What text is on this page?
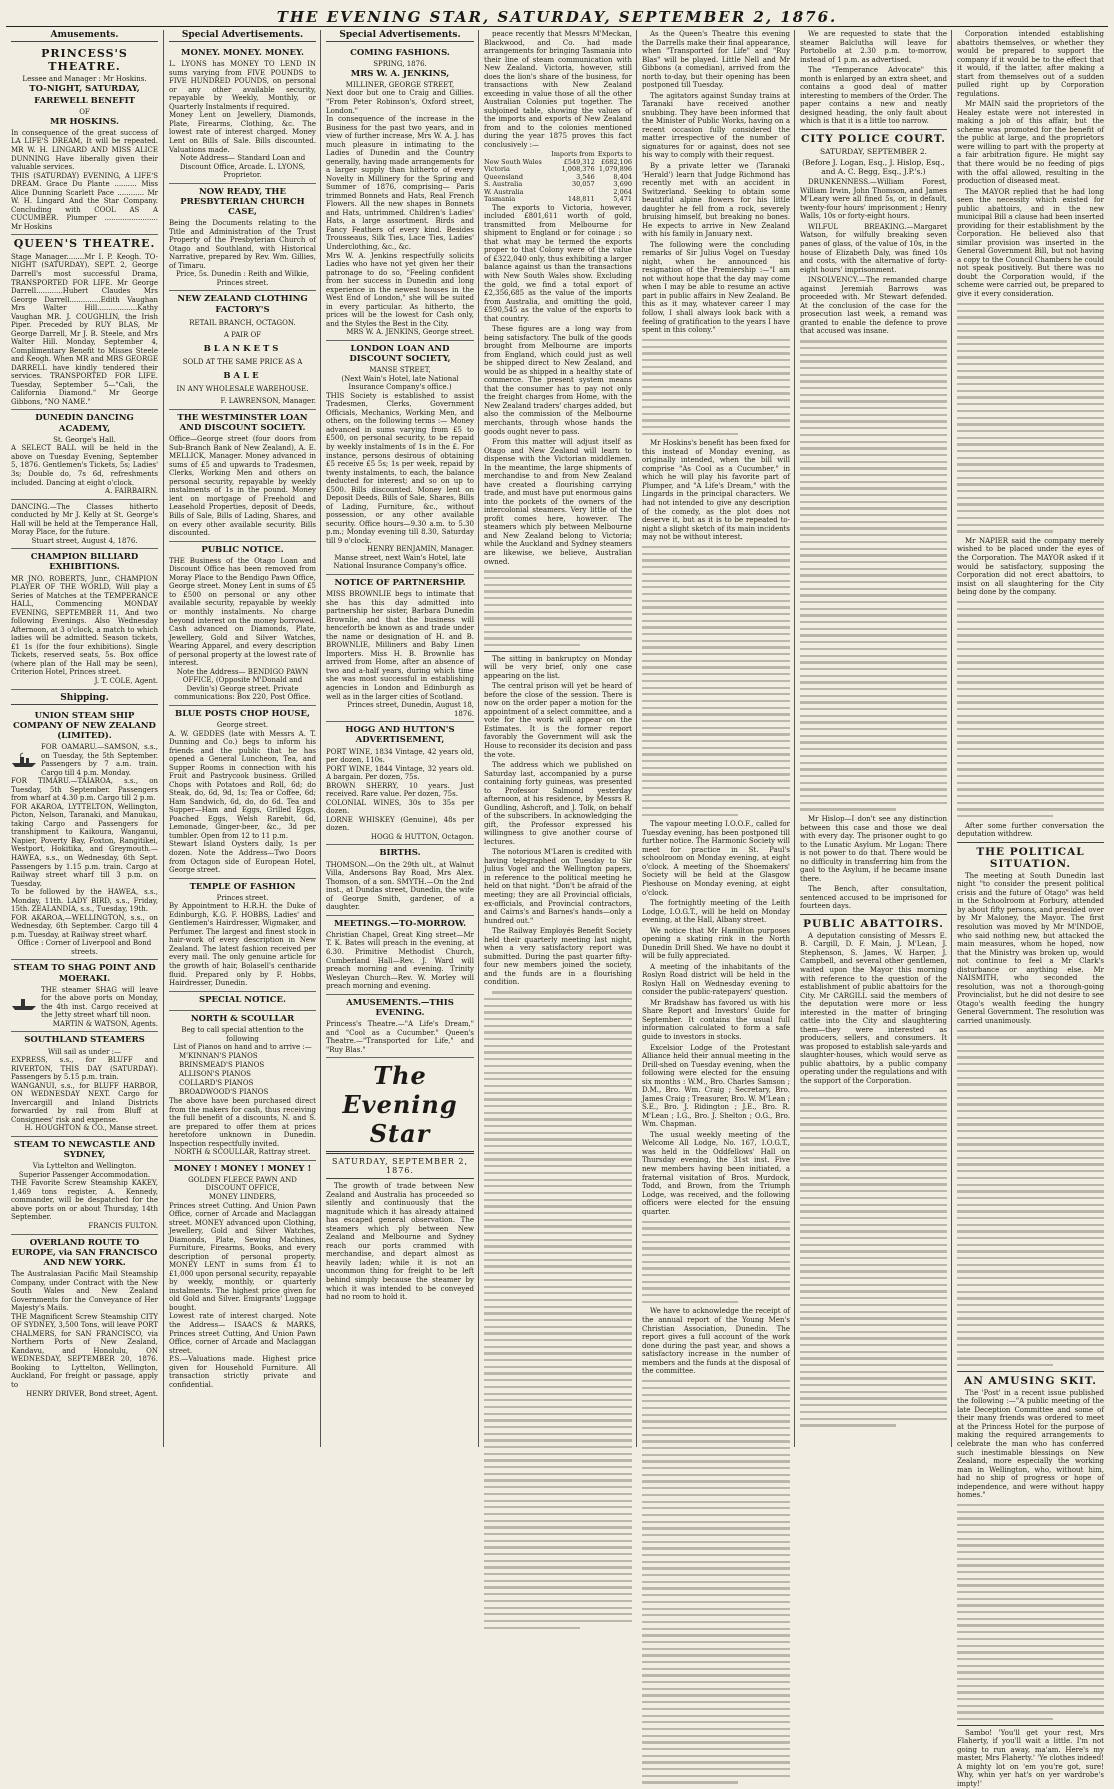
THE EVENING STAR, SATURDAY, SEPTEMBER 2, 1876.
Amusements.
PRINCESS'S THEATRE.

Lessee and Manager : Mr Hoskins.

TO-NIGHT, SATURDAY,
FAREWELL BENEFIT

OF

MR HOSKINS.

In consequence of the great success of LA LIFE'S DREAM, It will be repeated. MR W. H. LINGARD AND MISS ALICE DUNNING Have liberally given their valuable services.

THIS (SATURDAY) EVENING, A LIFE'S DREAM. Grace Du Plante .......... Miss Alice Dunning Scarlett Pace ............ Mr W. H. Lingard And the Star Company. Concluding with COOL AS A CUCUMBER. Plumper ........................ Mr Hoskins

QUEEN'S THEATRE.

Stage Manager........Mr I. P. Keogh. TO-NIGHT (SATURDAY), SEPT. 2, George Darrell's most successful Drama, TRANSPORTED FOR LIFE. Mr George Darrell............Hubert Claudes Mrs George Darrell..............Edith Vaughan Mrs Walter Hill..................Kathy Vaughan MR. J. COUGHLIN, the Irish Piper. Preceded by RUY BLAS, Mr George Darrell, Mr J. B. Steele, and Mrs Walter Hill. Monday, September 4, Complimentary Benefit to Misses Steele and Keogh. When MR and MRS GEORGE DARRELL have kindly tendered their services. TRANSPORTED FOR LIFE. Tuesday, September 5—"Cali, the California Diamond." Mr George Gibbons, "NO NAME."

DUNEDIN DANCING ACADEMY,

St. George's Hall.

A SELECT BALL will be held in the above on Tuesday Evening, September 5, 1876. Gentlemen's Tickets, 5s; Ladies' 3s; Double do, 7s 6d, refreshments included. Dancing at eight o'clock.

A. FAIRBAIRN.

DANCING.—The Classes hitherto conducted by Mr J. Kelly at St. George's Hall will be held at the Temperance Hall, Moray Place, for the future.

Stuart street, August 4, 1876.

CHAMPION BILLIARD EXHIBITIONS.

MR JNO. ROBERTS, Junr., CHAMPION PLAYER OF THE WORLD, Will play a Series of Matches at the TEMPERANCE HALL, Commencing MONDAY EVENING, SEPTEMBER 11, And two following Evenings. Also Wednesday Afternoon, at 3 o'clock, a match to which ladies will be admitted. Season tickets, £1 1s (for the four exhibitions). Single Tickets, reserved seats, 5s. Box office (where plan of the Hall may be seen), Criterion Hotel, Princes street.

J. T. COLE, Agent.

Shipping.
UNION STEAM SHIP COMPANY OF NEW ZEALAND (LIMITED).

FOR OAMARU.—SAMSON, s.s., on Tuesday, the 5th September. Passengers by 7 a.m. train. Cargo till 4 p.m. Monday.

FOR TIMARU.—TAIAROA, s.s., on Tuesday, 5th September. Passengers from wharf at 4.30 p.m. Cargo till 2 p.m.

FOR AKAROA, LYTTELTON, Wellington, Picton, Nelson, Taranaki, and Manukau, taking Cargo and Passengers for transhipment to Kaikoura, Wanganui, Napier, Poverty Bay, Foxton, Rangitikei, Westport, Hokitika, and Greymouth.—HAWEA, s.s., on Wednesday, 6th Sept. Passengers by 1.15 p.m. train. Cargo at Railway street wharf till 3 p.m. on Tuesday.

To be followed by the HAWEA, s.s., Monday, 11th. LADY BIRD, s.s., Friday, 15th. ZEALANDIA, s.s., Tuesday, 19th.

FOR AKAROA,—WELLINGTON, s.s., on Wednesday, 6th September. Cargo till 4 p.m. Tuesday, at Railway street wharf.

Office : Corner of Liverpool and Bond streets.

STEAM TO SHAG POINT AND MOERAKI.

THE steamer SHAG will leave for the above ports on Monday, the 4th inst. Cargo received at the Jetty street wharf till noon.

MARTIN & WATSON, Agents.

SOUTHLAND STEAMERS

Will sail as under :—

EXPRESS, s.s., for BLUFF and RIVERTON, THIS DAY (SATURDAY). Passengers by 5.15 p.m. train.

WANGANUI, s.s., for BLUFF HARBOR, ON WEDNESDAY NEXT. Cargo for Invercargill and Inland Districts forwarded by rail from Bluff at Consignees' risk and expense.

H. HOUGHTON & CO., Manse street.

STEAM TO NEWCASTLE AND SYDNEY,

Via Lyttelton and Wellington.

Superior Passenger Accommodation.

THE Favorite Screw Steamship KAKEY, 1,469 tons register, A. Kennedy, commander, will be despatched for the above ports on or about Thursday, 14th September.

FRANCIS FULTON.

OVERLAND ROUTE TO EUROPE, via SAN FRANCISCO AND NEW YORK.

The Australasian Pacific Mail Steamship Company, under Contract with the New South Wales and New Zealand Governments for the Conveyance of Her Majesty's Mails.

THE Magnificent Screw Steamship CITY OF SYDNEY, 3,500 Tons, will leave PORT CHALMERS, for SAN FRANCISCO, via Northern Ports of New Zealand, Kandavu, and Honolulu, ON WEDNESDAY, SEPTEMBER 20, 1876. Booking to Lyttelton, Wellington, Auckland, For freight or passage, apply to

HENRY DRIVER, Bond street, Agent.

Special Advertisements.
MONEY. MONEY. MONEY.

L. LYONS has MONEY TO LEND IN sums varying from FIVE POUNDS to FIVE HUNDRED POUNDS, on personal or any other available security, repayable by Weekly, Monthly, or Quarterly Instalments if required.

Money Lent on Jewellery, Diamonds, Plate, Firearms, Clothing, &c. The lowest rate of interest charged. Money Lent on Bills of Sale. Bills discounted. Valuations made.

Note Address— Standard Loan and Discount Office, Arcade. L. LYONS, Proprietor.

NOW READY, THE PRESBYTERIAN CHURCH CASE,

Being the Documents relating to the Title and Administration of the Trust Property of the Presbyterian Church of Otago and Southland, with Historical Narrative, prepared by Rev. Wm. Gillies, of Timaru.

Price, 5s. Dunedin : Reith and Wilkie, Princes street.

NEW ZEALAND CLOTHING FACTORY'S

RETAIL BRANCH, OCTAGON.

A PAIR OF

BLANKETS

SOLD AT THE SAME PRICE AS A

BALE

IN ANY WHOLESALE WAREHOUSE.

F. LAWRENSON, Manager.

THE WESTMINSTER LOAN AND DISCOUNT SOCIETY.

Office—George street (four doors from Sub-Branch Bank of New Zealand), A. E. MELLICK, Manager. Money advanced in sums of £5 and upwards to Tradesmen, Clerks, Working Men and others on personal security, repayable by weekly instalments of 1s in the pound. Money lent on mortgage of Freehold and Leasehold Properties, deposit of Deeds, Bills of Sale, Bills of Lading, Shares, and on every other available security. Bills discounted.

PUBLIC NOTICE.

THE Business of the Otago Loan and Discount Office has been removed from Moray Place to the Bendigo Pawn Office, George street. Money Lent in sums of £5 to £500 on personal or any other available security, repayable by weekly or monthly instalments. No charge beyond interest on the money borrowed. Cash advanced on Diamonds, Plate, Jewellery, Gold and Silver Watches, Wearing Apparel, and every description of personal property at the lowest rate of interest.

Note the Address— BENDIGO PAWN OFFICE, (Opposite M'Donald and Devlin's) George street. Private communications: Box 220, Post Office.

BLUE POSTS CHOP HOUSE,

George street.

A. W. GEDDES (late with Messrs A. T. Dunning and Co.) begs to inform his friends and the public that he has opened a General Luncheon, Tea, and Supper Rooms in connection with his Fruit and Pastrycook business. Grilled Chops with Potatoes and Roll, 6d; do Steak, do, 6d, 9d, 1s; Tea or Coffee, 6d; Ham Sandwich, 6d, do, do 6d. Tea and Supper—Ham and Eggs, Grilled Eggs, Poached Eggs, Welsh Rarebit, 6d, Lemonade, Ginger-beer, &c., 3d per tumbler. Open from 12 to 11 p.m.

Stewart Island Oysters daily, 1s per dozen. Note the Address—Two Doors from Octagon side of European Hotel, George street.

TEMPLE OF FASHION

Princes street.

By Appointment to H.R.H. the Duke of Edinburgh, K.G. F. HOBBS, Ladies' and Gentlemen's Hairdresser, Wigmaker, and Perfumer. The largest and finest stock in hair-work of every description in New Zealand. The latest fashion received per every mail. The only genuine article for the growth of hair, Bolasell's centharide fluid. Prepared only by F. Hobbs, Hairdresser, Dunedin.

SPECIAL NOTICE.
NORTH & SCOULLAR

Beg to call special attention to the following

List of Pianos on hand and to arrive :—

M'KINNAN'S PIANOS
BRINSMEAD'S PIANOS
ALLISON'S PIANOS
COLLARD'S PIANOS
BROADWOOD'S PIANOS

The above have been purchased direct from the makers for cash, thus receiving the full benefit of a discounts, N. and S. are prepared to offer them at prices heretofore unknown in Dunedin. Inspection respectfully invited.

NORTH & SCOULLAR, Rattray street.

MONEY ! MONEY ! MONEY !

GOLDEN FLEECE PAWN AND DISCOUNT OFFICE,

MONEY LINDERS,

Princes street Cutting. And Union Pawn Office, corner of Arcade and Maclaggan street. MONEY advanced upon Clothing, Jewellery, Gold and Silver Watches, Diamonds, Plate, Sewing Machines, Furniture, Firearms, Books, and every description of personal property. MONEY LENT in sums from £1 to £1,000 upon personal security, repayable by weekly, monthly, or quarterly instalments. The highest price given for old Gold and Silver. Emigrants' Luggage bought.

Lowest rate of interest charged. Note the Address— ISAACS & MARKS, Princes street Cutting, And Union Pawn Office, corner of Arcade and Maclaggan street.

P.S.—Valuations made. Highest price given for Household Furniture. All transaction strictly private and confidential.

Special Advertisements.
COMING FASHIONS.

SPRING, 1876.

MRS W. A. JENKINS,

MILLINER, GEORGE STREET,

Next door but one to Craig and Gillies. "From Peter Robinson's, Oxford street, London."

In consequence of the increase in the Business for the past two years, and in view of further increase, Mrs W. A. J. has much pleasure in intimating to the Ladies of Dunedin and the Country generally, having made arrangements for a larger supply than hitherto of every Novelty in Millinery for the Spring and Summer of 1876, comprising— Paris trimmed Bonnets and Hats, Real French Flowers. All the new shapes in Bonnets and Hats, untrimmed. Children's Ladies' Hats, a large assortment. Birds and Fancy Feathers of every kind. Besides Trousseaus, Silk Ties, Lace Ties, Ladies' Underclothing, &c., &c.

Mrs W. A. Jenkins respectfully solicits Ladies who have not yet given her their patronage to do so, "Feeling confident from her success in Dunedin and long experience in the newest houses in the West End of London," she will be suited in every particular. As hitherto, the prices will be the lowest for Cash only, and the Styles the Best in the City.

MRS W. A. JENKINS, George street.

LONDON LOAN AND DISCOUNT SOCIETY,

MANSE STREET,

(Next Wain's Hotel, late National Insurance Company's office.)

THIS Society is established to assist Tradesmen, Clerks, Government Officials, Mechanics, Working Men, and others, on the following terms :— Money advanced in sums varying from £5 to £500, on personal security, to be repaid by weekly instalments of 1s in the £. For instance, persons desirous of obtaining £5 receive £5 5s; 1s per week, repaid by twenty instalments, to each, the balance deducted for interest; and so on up to £500. Bills discounted. Money lent on Deposit Deeds, Bills of Sale, Shares, Bills of Lading, Furniture, &c., without possession, or any other available security. Office hours—9.30 a.m. to 5.30 p.m.; Monday evening till 8.30, Saturday till 9 o'clock.

HENRY BENJAMIN, Manager.

Manse street, next Wain's Hotel, late National Insurance Company's office.

NOTICE OF PARTNERSHIP.

MISS BROWNLIE begs to intimate that she has this day admitted into partnership her sister, Barbara Dunedin Brownlie, and that the business will henceforth be known as and trade under the name or designation of H. and B. BROWNLIE, Milliners and Baby Linen Importers. Miss H. B. Brownlie has arrived from Home, after an absence of two and a-half years, during which time she was most successful in establishing agencies in London and Edinburgh as well as in the larger cities of Scotland.

Princes street, Dunedin, August 18, 1876.

HOGG AND HUTTON'S ADVERTISEMENT,

PORT WINE, 1834 Vintage, 42 years old, per dozen, 110s.

PORT WINE, 1844 Vintage, 32 years old. A bargain. Per dozen, 75s.

BROWN SHERRY, 10 years. Just received. Rare value. Per dozen, 75s.

COLONIAL WINES, 30s to 35s per dozen.

LORNE WHISKEY (Genuine), 48s per dozen.

HOGG & HUTTON, Octagon.

BIRTHS.

THOMSON.—On the 29th ult., at Walnut Villa, Andersons Bay Road, Mrs Alex. Thomson, of a son. SMYTH.—On the 2nd inst., at Dundas street, Dunedin, the wife of George Smith, gardener, of a daughter.

MEETINGS.—TO-MORROW.

Christian Chapel, Great King street—Mr T. K. Bates will preach in the evening, at 6.30. Primitive Methodist Church, Cumberland Hall—Rev. J. Ward will preach morning and evening. Trinity Wesleyan Church—Rev. W. Morley will preach morning and evening.

AMUSEMENTS.—THIS EVENING.

Princess's Theatre.—"A Life's Dream," and "Cool as a Cucumber." Queen's Theatre.—"Transported for Life," and "Ruy Blas."

The Evening Star
SATURDAY, SEPTEMBER 2, 1876.

The growth of trade between New Zealand and Australia has proceeded so silently and continuously that the magnitude which it has already attained has escaped general observation. The steamers which ply between New Zealand and Melbourne and Sydney reach our ports crammed with merchandise, and depart almost as heavily laden; while it is not an uncommon thing for freight to be left behind simply because the steamer by which it was intended to be conveyed had no room to hold it.

peace recently that Messrs M'Meckan, Blackwood, and Co. had made arrangements for bringing Tasmania into their line of steam communication with New Zealand. Victoria, however, still does the lion's share of the business, for transactions with New Zealand exceeding in value those of all the other Australian Colonies put together. The subjoined table, showing the values of the imports and exports of New Zealand from and to the colonies mentioned during the year 1875 proves this fact conclusively :—

	Imports from	Exports to
New South Wales	£549,312	£682,106
Victoria	1,008,376	1,079,896
Queensland	3,546	8,404
S. Australia	30,057	3,690
W. Australia		2,064
Tasmania	148,811	5,471

The exports to Victoria, however, included £801,611 worth of gold, transmitted from Melbourne for shipment to England or for coinage ; so that what may be termed the exports proper to that Colony were of the value of £322,040 only, thus exhibiting a larger balance against us than the transactions with New South Wales show. Excluding the gold, we find a total export of £2,356,685 as the value of the imports from Australia, and omitting the gold, £590,545 as the value of the exports to that country.

These figures are a long way from being satisfactory. The bulk of the goods brought from Melbourne are imports from England, which could just as well be shipped direct to New Zealand, and would be as shipped in a healthy state of commerce. The present system means that the consumer has to pay not only the freight charges from Home, with the New Zealand traders' charges added, but also the commission of the Melbourne merchants, through whose hands the goods ought never to pass.

From this matter will adjust itself as Otago and New Zealand will learn to dispense with the Victorian middlemen. In the meantime, the large shipments of merchandise to and from New Zealand have created a flourishing carrying trade, and must have put enormous gains into the pockets of the owners of the intercolonial steamers. Very little of the profit comes here, however. The steamers which ply between Melbourne and New Zealand belong to Victoria; while the Auckland and Sydney steamers are likewise, we believe, Australian owned.

The sitting in bankruptcy on Monday will be very brief, only one case appearing on the list.

The central prison will yet be heard of before the close of the session. There is now on the order paper a motion for the appointment of a select committee, and a vote for the work will appear on the Estimates. It is the former report favorably the Government will ask the House to reconsider its decision and pass the vote.

The address which we published on Saturday last, accompanied by a purse containing forty guineas, was presented to Professor Salmond yesterday afternoon, at his residence, by Messrs R. Gundling, Ashcroft, and J. Tolk, on behalf of the subscribers. In acknowledging the gift, the Professor expressed his willingness to give another course of lectures.

The notorious M'Laren is credited with having telegraphed on Tuesday to Sir Julius Vogel and the Wellington papers, in reference to the political meeting he held on that night. "Don't be afraid of the meeting; they are all Provincial officials, ex-officials, and Provincial contractors, and Cairns's and Barnes's hands—only a hundred out."

The Railway Employés Benefit Society held their quarterly meeting last night, when a very satisfactory report was submitted. During the past quarter fifty-four new members joined the society, and the funds are in a flourishing condition.

As the Queen's Theatre this evening the Darrells make their final appearance, when "Transported for Life" and "Ruy Blas" will be played. Little Nell and Mr Gibbons (a comedian), arrived from the north to-day, but their opening has been postponed till Tuesday.

The agitators against Sunday trains at Taranaki have received another snubbing. They have been informed that the Minister of Public Works, having on a recent occasion fully considered the matter irrespective of the number of signatures for or against, does not see his way to comply with their request.

By a private letter we (Taranaki 'Herald') learn that Judge Richmond has recently met with an accident in Switzerland. Seeking to obtain some beautiful alpine flowers for his little daughter he fell from a rock, severely bruising himself, but breaking no bones. He expects to arrive in New Zealand with his family in January next.

The following were the concluding remarks of Sir Julius Vogel on Tuesday night, when he announced his resignation of the Premiership :—"I am not without hope that the day may come when I may be able to resume an active part in public affairs in New Zealand. Be this as it may, whatever career I may follow, I shall always look back with a feeling of gratification to the years I have spent in this colony."

Mr Hoskins's benefit has been fixed for this instead of Monday evening, as originally intended, when the bill will comprise "As Cool as a Cucumber," in which he will play his favorite part of Plumper, and "A Life's Dream," with the Lingards in the principal characters. We had not intended to give any description of the comedy, as the plot does not deserve it, but as it is to be repeated to-night a slight sketch of its main incidents may not be without interest.

The vapour meeting I.O.O.F., called for Tuesday evening, has been postponed till further notice. The Harmonic Society will meet for practice in St. Paul's schoolroom on Monday evening, at eight o'clock. A meeting of the Shoemakers' Society will be held at the Glasgow Pieshouse on Monday evening, at eight o'clock.

The fortnightly meeting of the Leith Lodge, I.O.G.T., will be held on Monday evening, at the Hall, Albany street.

We notice that Mr Hamilton purposes opening a skating rink in the North Dunedin Drill Shed. We have no doubt it will be fully appreciated.

A meeting of the inhabitants of the Roslyn Road district will be held in the Roslyn Hall on Wednesday evening to consider the public-ratepayers' question.

Mr Bradshaw has favored us with his Share Report and Investors' Guide for September. It contains the usual full information calculated to form a safe guide to investors in stocks.

Excelsior Lodge of the Protestant Alliance held their annual meeting in the Drill-shed on Tuesday evening, when the following were elected for the ensuing six months : W.M., Bro. Charles Samson ; D.M., Bro. Wm. Craig ; Secretary, Bro. James Craig ; Treasurer, Bro. W. M'Lean ; S.E., Bro. J. Ridington ; J.E., Bro. R. M'Lean ; I.G., Bro. J. Shelton ; O.G., Bro. Wm. Chapman.

The usual weekly meeting of the Welcome All Lodge, No. 167, I.O.G.T., was held in the Oddfellows' Hall on Thursday evening, the 31st inst. Five new members having been initiated, a fraternal visitation of Bros. Murdock, Todd, and Brown, from the Triumph Lodge, was received, and the following officers were elected for the ensuing quarter.

We have to acknowledge the receipt of the annual report of the Young Men's Christian Association, Dunedin. The report gives a full account of the work done during the past year, and shows a satisfactory increase in the number of members and the funds at the disposal of the committee.

We are requested to state that the steamer Balclutha will leave for Portobello at 2.30 p.m. to-morrow, instead of 1 p.m. as advertised.

The "Temperance Advocate" this month is enlarged by an extra sheet, and contains a good deal of matter interesting to members of the Order. The paper contains a new and neatly designed heading, the only fault about which is that it is a little too narrow.

CITY POLICE COURT.

SATURDAY, SEPTEMBER 2.

(Before J. Logan, Esq., J. Hislop, Esq., and A. C. Begg, Esq., J.P.'s.)

DRUNKENNESS.—William Forest, William Irwin, John Thomson, and James M'Leary were all fined 5s, or, in default, twenty-four hours' imprisonment ; Henry Walls, 10s or forty-eight hours.

WILFUL BREAKING.—Margaret Watson, for wilfully breaking seven panes of glass, of the value of 10s, in the house of Elizabeth Daly, was fined 10s and costs, with the alternative of forty-eight hours' imprisonment.

INSOLVENCY.—The remanded charge against Jeremiah Barrows was proceeded with. Mr Stewart defended. At the conclusion of the case for the prosecution last week, a remand was granted to enable the defence to prove that accused was insane.

Mr Hislop—I don't see any distinction between this case and those we deal with every day. The prisoner ought to go to the Lunatic Asylum. Mr Logan: There is not power to do that. There would be no difficulty in transferring him from the gaol to the Asylum, if he became insane there.

The Bench, after consultation, sentenced accused to be imprisoned for fourteen days.

PUBLIC ABATTOIRS.

A deputation consisting of Messrs E. B. Cargill, D. F. Main, J. M'Lean, J. Stephenson, S. James, W. Harper, J. Campbell, and several other gentlemen, waited upon the Mayor this morning with reference to the question of the establishment of public abattoirs for the City. Mr CARGILL said the members of the deputation were more or less interested in the matter of bringing cattle into the City and slaughtering them—they were interested as producers, sellers, and consumers. It was proposed to establish sale-yards and slaughter-houses, which would serve as public abattoirs, by a public company operating under the regulations and with the support of the Corporation.

Corporation intended establishing abattoirs themselves, or whether they would be prepared to support the company if it would be to the effect that it would, if the latter, after making a start from themselves out of a sudden pulled right up by Corporation regulations.

Mr MAIN said the proprietors of the Healey estate were not interested in making a job of this affair, but the scheme was promoted for the benefit of the public at large, and the proprietors were willing to part with the property at a fair arbitration figure. He might say that there would be no feeding of pigs with the offal allowed, resulting in the production of diseased meat.

The MAYOR replied that he had long seen the necessity which existed for public abattoirs, and in the new municipal Bill a clause had been inserted providing for their establishment by the Corporation. He believed also that similar provision was inserted in the General Government Bill, but not having a copy to the Council Chambers he could not speak positively. But there was no doubt the Corporation would, if the scheme were carried out, be prepared to give it every consideration.

Mr NAPIER said the company merely wished to be placed under the eyes of the Corporation. The MAYOR asked if it would be satisfactory, supposing the Corporation did not erect abattoirs, to insist on all slaughtering for the City being done by the company.

After some further conversation the deputation withdrew.

THE POLITICAL SITUATION.

The meeting at South Dunedin last night "to consider the present political crisis and the future of Otago" was held in the Schoolroom at Forbury, attended by about fifty persons, and presided over by Mr Maloney, the Mayor. The first resolution was moved by Mr M'INDOE, who said nothing new, but attacked the main measures, whom he hoped, now that the Ministry was broken up, would not continue to feel a Mr Clark's disturbance or anything else. Mr NAISMITH, who seconded the resolution, was not a thorough-going Provincialist, but he did not desire to see Otago's wealth feeding the hungry General Government. The resolution was carried unanimously.

AN AMUSING SKIT.

The 'Post' in a recent issue published the following :—"A public meeting of the late Deception Committee and some of their many friends was ordered to meet at the Princess Hotel for the purpose of making the required arrangements to celebrate the man who has conferred such inestimable blessings on New Zealand, more especially the working man in Wellington, who, without him, had no ship of progress or hope of independence, and were without happy homes."

Sambo! 'You'll get your rest, Mrs Flaherty, if you'll wait a little. I'm not going to run away, ma'am. Here's my master, Mrs Flaherty.' 'Ye clothes indeed! A mighty lot on 'em you're got, sure! Why, whin yer hat's on yer wardrobe's impty!'
